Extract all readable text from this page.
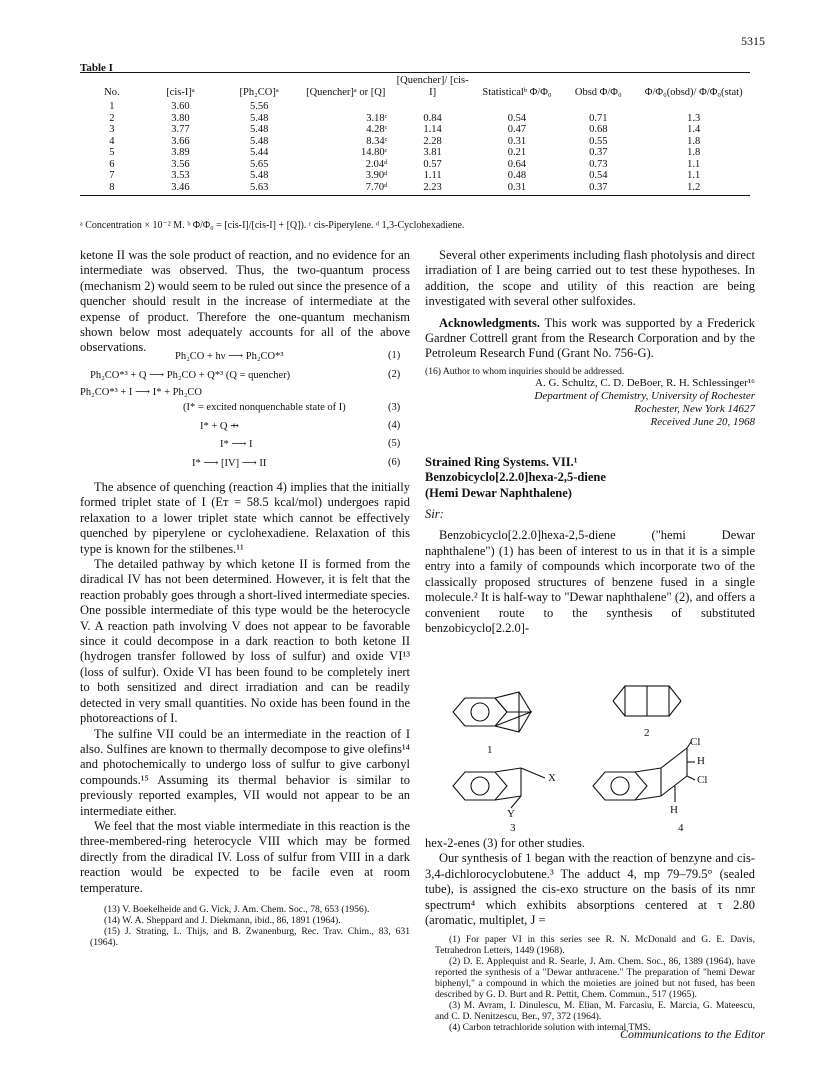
5315
Table I
No.	[cis-I]ᵃ	[Ph₂CO]ᵃ	[Quencher]ᵃ or [Q]	[Quencher]/ [cis-I]	Statisticalᵇ Φ/Φ₀	Obsd Φ/Φ₀	Φ/Φ₀(obsd)/ Φ/Φ₀(stat)
1	3.60	5.56					
2	3.80	5.48	3.18ᶜ	0.84	0.54	0.71	1.3
3	3.77	5.48	4.28ᶜ	1.14	0.47	0.68	1.4
4	3.66	5.48	8.34ᶜ	2.28	0.31	0.55	1.8
5	3.89	5.44	14.80ᶜ	3.81	0.21	0.37	1.8
6	3.56	5.65	2.04ᵈ	0.57	0.64	0.73	1.1
7	3.53	5.48	3.90ᵈ	1.11	0.48	0.54	1.1
8	3.46	5.63	7.70ᵈ	2.23	0.31	0.37	1.2
ᵃ Concentration × 10⁻² M. ᵇ Φ/Φ₀ = [cis-I]/[cis-I] + [Q]). ᶜ cis-Piperylene. ᵈ 1,3-Cyclohexadiene.

ketone II was the sole product of reaction, and no evidence for an intermediate was observed. Thus, the two-quantum process (mechanism 2) would seem to be ruled out since the presence of a quencher should result in the increase of intermediate at the expense of product. Therefore the one-quantum mechanism shown below most adequately accounts for all of the above observations.

Ph₂CO + hν ⟶ Ph₂CO*³	(1)
Ph₂CO*³ + Q ⟶ Ph₂CO + Q*³ (Q = quencher)	(2)
Ph₂CO*³ + I ⟶ I* + Ph₂CO
(I* = excited nonquenchable state of I)	(3)
I* + Q ⇸	(4)
I* ⟶ I	(5)
I* ⟶ [IV] ⟶ II	(6)

The absence of quenching (reaction 4) implies that the initially formed triplet state of I (Eᴛ = 58.5 kcal/mol) undergoes rapid relaxation to a lower triplet state which cannot be effectively quenched by piperylene or cyclohexadiene. Relaxation of this type is known for the stilbenes.¹¹

The detailed pathway by which ketone II is formed from the diradical IV has not been determined. However, it is felt that the reaction probably goes through a short-lived intermediate species. One possible intermediate of this type would be the heterocycle V. A reaction path involving V does not appear to be favorable since it could decompose in a dark reaction to both ketone II (hydrogen transfer followed by loss of sulfur) and oxide VI¹³ (loss of sulfur). Oxide VI has been found to be completely inert to both sensitized and direct irradiation and can be readily detected in very small quantities. No oxide has been found in the photoreactions of I.

The sulfine VII could be an intermediate in the reaction of I also. Sulfines are known to thermally decompose to give olefins¹⁴ and photochemically to undergo loss of sulfur to give carbonyl compounds.¹⁵ Assuming its thermal behavior is similar to previously reported examples, VII would not appear to be an intermediate either.

We feel that the most viable intermediate in this reaction is the three-membered-ring heterocycle VIII which may be formed directly from the diradical IV. Loss of sulfur from VIII in a dark reaction would be expected to be facile even at room temperature.

(13) V. Boekelheide and G. Vick, J. Am. Chem. Soc., 78, 653 (1956).

(14) W. A. Sheppard and J. Diekmann, ibid., 86, 1891 (1964).

(15) J. Strating, L. Thijs, and B. Zwanenburg, Rec. Trav. Chim., 83, 631 (1964).

Several other experiments including flash photolysis and direct irradiation of I are being carried out to test these hypotheses. In addition, the scope and utility of this reaction are being investigated with several other sulfoxides.

Acknowledgments. This work was supported by a Frederick Gardner Cottrell grant from the Research Corporation and by the Petroleum Research Fund (Grant No. 756-G).

(16) Author to whom inquiries should be addressed.

A. G. Schultz, C. D. DeBoer, R. H. Schlessinger¹⁶
Department of Chemistry, University of Rochester
Rochester, New York 14627
Received June 20, 1968
Strained Ring Systems. VII.¹
Benzobicyclo[2.2.0]hexa-2,5-diene
(Hemi Dewar Naphthalene)
Sir:

Benzobicyclo[2.2.0]hexa-2,5-diene ("hemi Dewar naphthalene") (1) has been of interest to us in that it is a simple entry into a family of compounds which incorporate two of the classically proposed structures of benzene fused in a single molecule.² It is half-way to "Dewar naphthalene" (2), and offers a convenient route to the synthesis of substituted benzobicyclo[2.2.0]-

1
2
X
Y
Cl
H
Cl
H
3	4

hex-2-enes (3) for other studies.

Our synthesis of 1 began with the reaction of benzyne and cis-3,4-dichlorocyclobutene.³ The adduct 4, mp 79–79.5° (sealed tube), is assigned the cis-exo structure on the basis of its nmr spectrum⁴ which exhibits absorptions centered at τ 2.80 (aromatic, multiplet, J =

(1) For paper VI in this series see R. N. McDonald and G. E. Davis, Tetrahedron Letters, 1449 (1968).

(2) D. E. Applequist and R. Searle, J. Am. Chem. Soc., 86, 1389 (1964), have reported the synthesis of a "Dewar anthracene." The preparation of "hemi Dewar biphenyl," a compound in which the moieties are joined but not fused, has been described by G. D. Burt and R. Pettit, Chem. Commun., 517 (1965).

(3) M. Avram, I. Dinulescu, M. Elian, M. Farcasiu, E. Marcia, G. Mateescu, and C. D. Nenitzescu, Ber., 97, 372 (1964).

(4) Carbon tetrachloride solution with internal TMS.

Communications to the Editor
